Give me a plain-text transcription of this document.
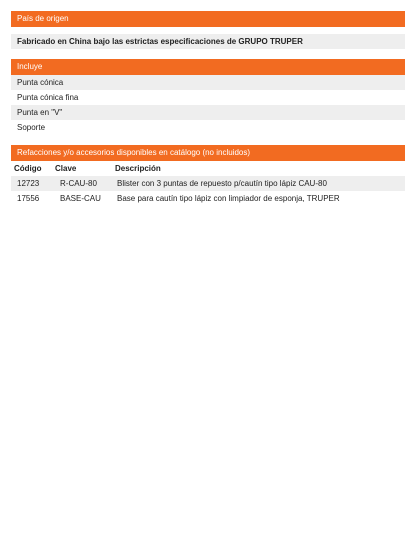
País de origen
Fabricado en China bajo las estrictas especificaciones de GRUPO TRUPER
Incluye
Punta cónica
Punta cónica fina
Punta en "V"
Soporte
Refacciones y/o accesorios disponibles en catálogo (no incluidos)
Código	Clave	Descripción
12723	R-CAU-80	Blister con 3 puntas de repuesto p/cautín tipo lápiz CAU-80
17556	BASE-CAU	Base para cautín tipo lápiz con limpiador de esponja, TRUPER
